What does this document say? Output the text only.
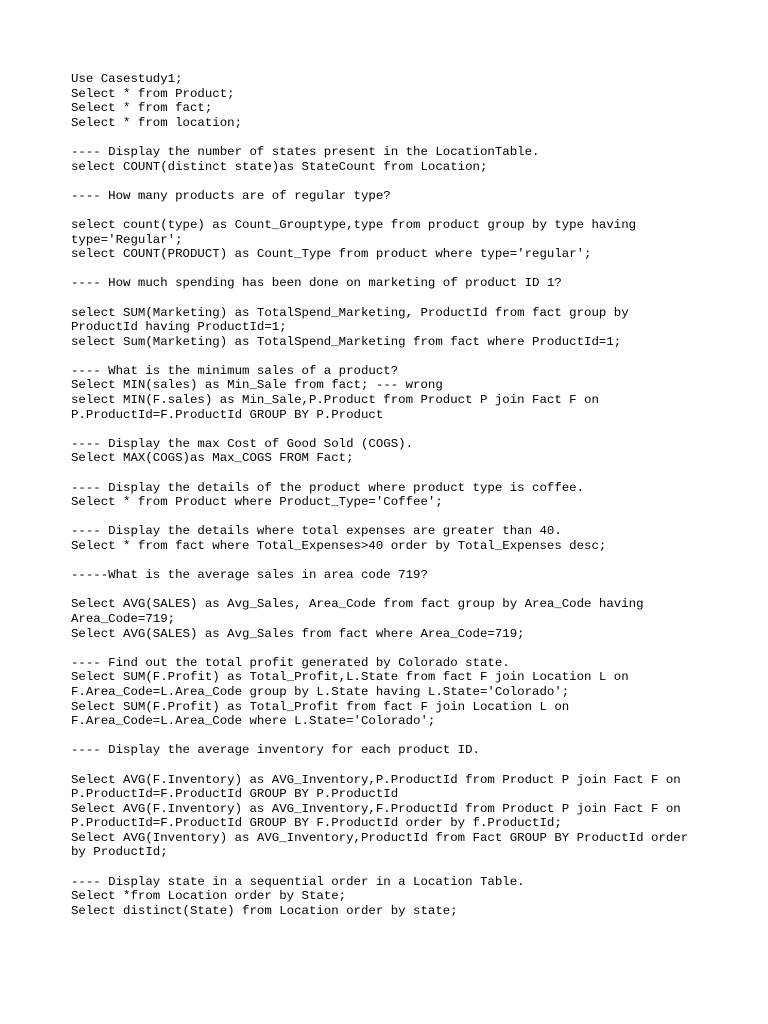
Use Casestudy1;
Select * from Product;
Select * from fact;
Select * from location;
---- Display the number of states present in the LocationTable.
select COUNT(distinct state)as StateCount from Location;
---- How many products are of regular type?
select count(type) as Count_Grouptype,type from product group by type having
type='Regular';
select COUNT(PRODUCT) as Count_Type from product where type='regular';
---- How much spending has been done on marketing of product ID 1?
select SUM(Marketing) as TotalSpend_Marketing, ProductId from fact group by
ProductId having ProductId=1;
select Sum(Marketing) as TotalSpend_Marketing from fact where ProductId=1;
---- What is the minimum sales of a product?
Select MIN(sales) as Min_Sale from fact; --- wrong
select MIN(F.sales) as Min_Sale,P.Product from Product P join Fact F on
P.ProductId=F.ProductId GROUP BY P.Product
---- Display the max Cost of Good Sold (COGS).
Select MAX(COGS)as Max_COGS FROM Fact;
---- Display the details of the product where product type is coffee.
Select * from Product where Product_Type='Coffee';
---- Display the details where total expenses are greater than 40.
Select * from fact where Total_Expenses>40 order by Total_Expenses desc;
-----What is the average sales in area code 719?
Select AVG(SALES) as Avg_Sales, Area_Code from fact group by Area_Code having
Area_Code=719;
Select AVG(SALES) as Avg_Sales from fact where Area_Code=719;
---- Find out the total profit generated by Colorado state.
Select SUM(F.Profit) as Total_Profit,L.State from fact F join Location L on
F.Area_Code=L.Area_Code group by L.State having L.State='Colorado';
Select SUM(F.Profit) as Total_Profit from fact F join Location L on
F.Area_Code=L.Area_Code where L.State='Colorado';
---- Display the average inventory for each product ID.
Select AVG(F.Inventory) as AVG_Inventory,P.ProductId from Product P join Fact F on
P.ProductId=F.ProductId GROUP BY P.ProductId
Select AVG(F.Inventory) as AVG_Inventory,F.ProductId from Product P join Fact F on
P.ProductId=F.ProductId GROUP BY F.ProductId order by f.ProductId;
Select AVG(Inventory) as AVG_Inventory,ProductId from Fact GROUP BY ProductId order
by ProductId;
---- Display state in a sequential order in a Location Table.
Select *from Location order by State;
Select distinct(State) from Location order by state;
